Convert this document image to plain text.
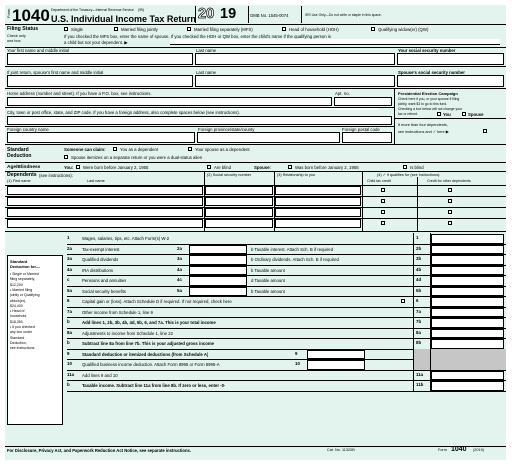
Form 1040 Department of the Treasury—Internal Revenue Service (99)
U.S. Individual Income Tax Return 20 19	OMB No. 1545-0074	IRS Use Only—Do not write or staple in this space.
Filing Status
Check only
one box.
Single	Married filing jointly	Married filing separately (MFS)	Head of household (HOH)	Qualifying widow(er) (QW)
If you checked the MFS box, enter the name of spouse. If you checked the HOH or QW box, enter the child's name if the qualifying person is
a child but not your dependent. ▶
Your first name and middle initial	Last name	Your social security number
If joint return, spouse's first name and middle initial	Last name	Spouse's social security number
Home address (number and street). If you have a P.O. box, see instructions.	Apt. no.
City, town or post office, state, and ZIP code. If you have a foreign address, also complete spaces below (see instructions).
Foreign country name	Foreign province/state/county	Foreign postal code
Presidential Election Campaign
Check here if you, or your spouse if filing
jointly, want $3 to go to this fund.
Checking a box below will not change your
tax or refund.	You	Spouse
If more than four dependents,
see instructions and ✓ here ▶
Standard
Deduction
Someone can claim:	You as a dependent	Your spouse as a dependent
Spouse itemizes on a separate return or you were a dual-status alien
Age/Blindness	You: Were born before January 2, 1955	Are blind	Spouse:	Was born before January 2, 1955	Is blind
Dependents (see instructions):
(1) First name	Last name
(2) Social security number	(3) Relationship to you	(4) ✓ if qualifies for (see instructions):
Child tax credit	Credit for other dependents
Standard
Deduction for—
• Single or Married
filing separately,
$12,200
• Married filing
jointly or Qualifying
widow(er),
$24,400
• Head of
household,
$18,350
• If you checked
any box under
Standard
Deduction,
see instructions.
1	Wages, salaries, tips, etc. Attach Form(s) W-2	1
2a Tax-exempt interest	2a	b Taxable interest. Attach Sch. B if required	2b
3a Qualified dividends	3a	b Ordinary dividends. Attach Sch. B if required	3b
4a IRA distributions	4a	b Taxable amount	4b
c	Pensions and annuities	4c	d Taxable amount	4d
5a Social security benefits	5a	b Taxable amount	5b
6	Capital gain or (loss). Attach Schedule D if required. If not required, check here	6
7a Other income from Schedule 1, line 9	7a
b	Add lines 1, 2b, 3b, 4b, 4d, 5b, 6, and 7a. This is your total income	7b
8a Adjustments to income from Schedule 1, line 22	8a
b	Subtract line 8a from line 7b. This is your adjusted gross income	8b
9	Standard deduction or itemized deductions (from Schedule A)	9
10 Qualified business income deduction. Attach Form 8995 or Form 8995-A	10
11a Add lines 9 and 10	11a
b	Taxable income. Subtract line 11a from line 8b. If zero or less, enter -0-	11b
For Disclosure, Privacy Act, and Paperwork Reduction Act Notice, see separate instructions.	Cat. No. 11320B	Form 1040 (2019)
